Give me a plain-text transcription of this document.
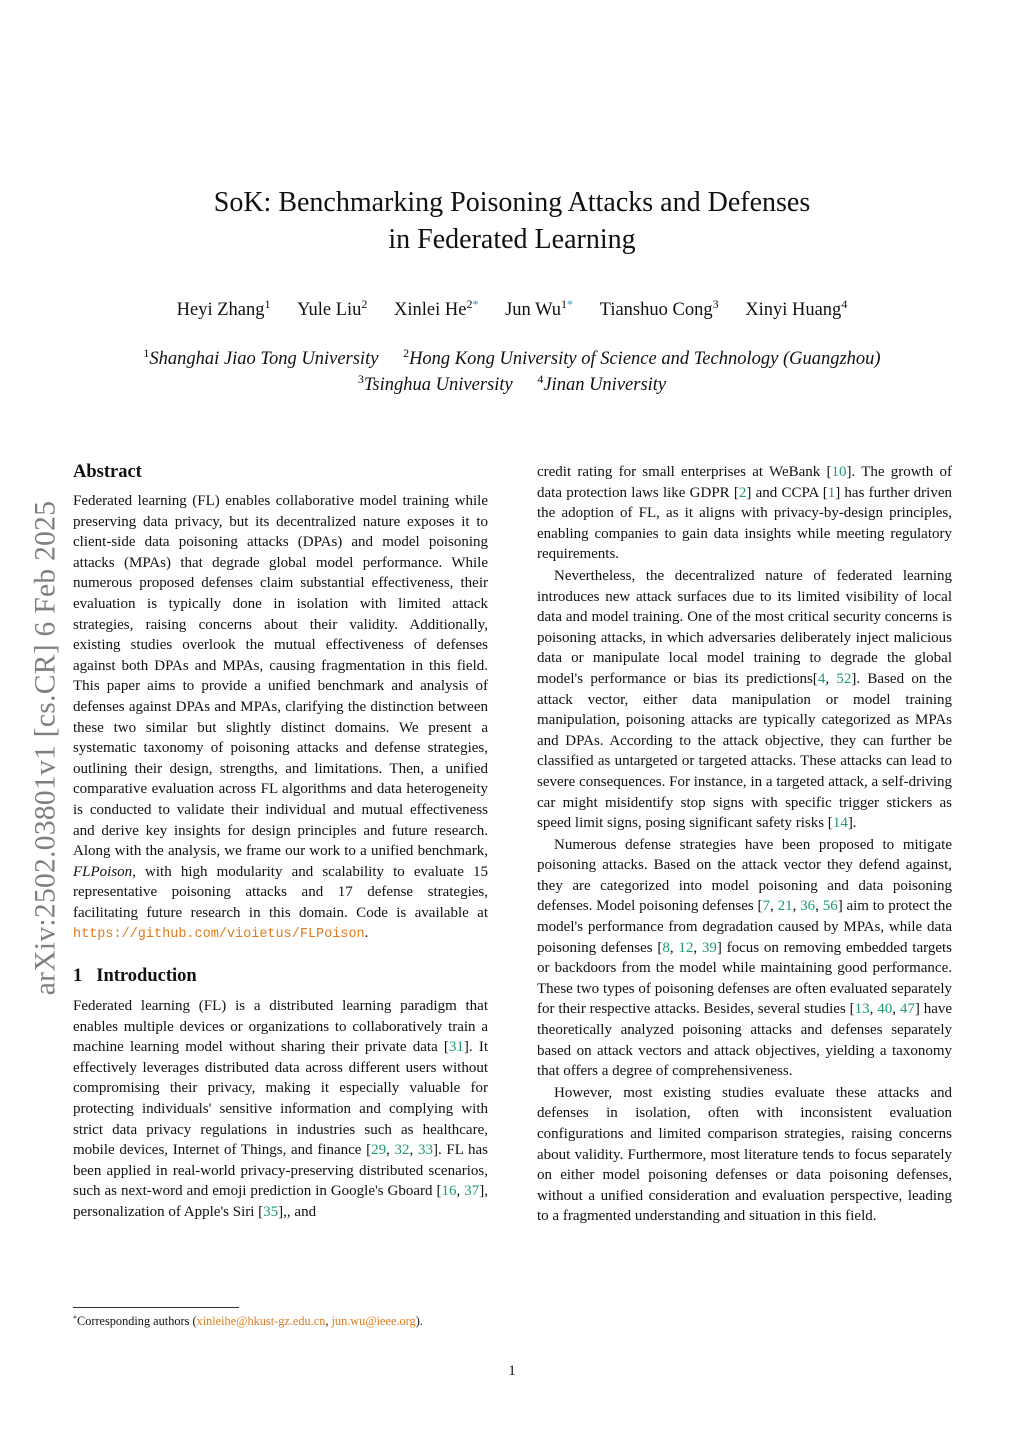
arXiv:2502.03801v1 [cs.CR] 6 Feb 2025
SoK: Benchmarking Poisoning Attacks and Defenses
in Federated Learning
Heyi Zhang$^1$ Yule Liu$^2$ Xinlei $He^{2*}$ Jun $Wu^{1*}$ Tianshuo Cong$^3$ Xinyi Huang$^4$
$^1$Shanghai Jiao Tong University $^2$Hong Kong University of Science and Technology (Guangzhou)
$^3$Tsinghua University $^4$Jinan University
Abstract

Federated learning (FL) enables collaborative model training while preserving data privacy, but its decentralized nature exposes it to client-side data poisoning attacks (DPAs) and model poisoning attacks (MPAs) that degrade global model performance. While numerous proposed defenses claim substantial effectiveness, their evaluation is typically done in isolation with limited attack strategies, raising concerns about their validity. Additionally, existing studies overlook the mutual effectiveness of defenses against both DPAs and MPAs, causing fragmentation in this field. This paper aims to provide a unified benchmark and analysis of defenses against DPAs and MPAs, clarifying the distinction between these two similar but slightly distinct domains. We present a systematic taxonomy of poisoning attacks and defense strategies, outlining their design, strengths, and limitations. Then, a unified comparative evaluation across FL algorithms and data heterogeneity is conducted to validate their individual and mutual effectiveness and derive key insights for design principles and future research. Along with the analysis, we frame our work to a unified benchmark, FLPoison, with high modularity and scalability to evaluate 15 representative poisoning attacks and 17 defense strategies, facilitating future research in this domain. Code is available at https://github.com/vioietus/FLPoison.

1 Introduction

Federated learning (FL) is a distributed learning paradigm that enables multiple devices or organizations to collaboratively train a machine learning model without sharing their private data [31]. It effectively leverages distributed data across different users without compromising their privacy, making it especially valuable for protecting individuals' sensitive information and complying with strict data privacy regulations in industries such as healthcare, mobile devices, Internet of Things, and finance [29, 32, 33]. FL has been applied in real-world privacy-preserving distributed scenarios, such as next-word and emoji prediction in Google's Gboard [16, 37], personalization of Apple's Siri [35],, and

credit rating for small enterprises at WeBank [10]. The growth of data protection laws like GDPR [2] and CCPA [1] has further driven the adoption of FL, as it aligns with privacy-by-design principles, enabling companies to gain data insights while meeting regulatory requirements.

Nevertheless, the decentralized nature of federated learning introduces new attack surfaces due to its limited visibility of local data and model training. One of the most critical security concerns is poisoning attacks, in which adversaries deliberately inject malicious data or manipulate local model training to degrade the global model's performance or bias its predictions[4, 52]. Based on the attack vector, either data manipulation or model training manipulation, poisoning attacks are typically categorized as MPAs and DPAs. According to the attack objective, they can further be classified as untargeted or targeted attacks. These attacks can lead to severe consequences. For instance, in a targeted attack, a self-driving car might misidentify stop signs with specific trigger stickers as speed limit signs, posing significant safety risks [14].

Numerous defense strategies have been proposed to mitigate poisoning attacks. Based on the attack vector they defend against, they are categorized into model poisoning and data poisoning defenses. Model poisoning defenses [7, 21, 36, 56] aim to protect the model's performance from degradation caused by MPAs, while data poisoning defenses [8, 12, 39] focus on removing embedded targets or backdoors from the model while maintaining good performance. These two types of poisoning defenses are often evaluated separately for their respective attacks. Besides, several studies [13, 40, 47] have theoretically analyzed poisoning attacks and defenses separately based on attack vectors and attack objectives, yielding a taxonomy that offers a degree of comprehensiveness.

However, most existing studies evaluate these attacks and defenses in isolation, often with inconsistent evaluation configurations and limited comparison strategies, raising concerns about validity. Furthermore, most literature tends to focus separately on either model poisoning defenses or data poisoning defenses, without a unified consideration and evaluation perspective, leading to a fragmented understanding and situation in this field.

*Corresponding authors (xinleihe@hkust-gz.edu.cn, jun.wu@ieee.org).
1
